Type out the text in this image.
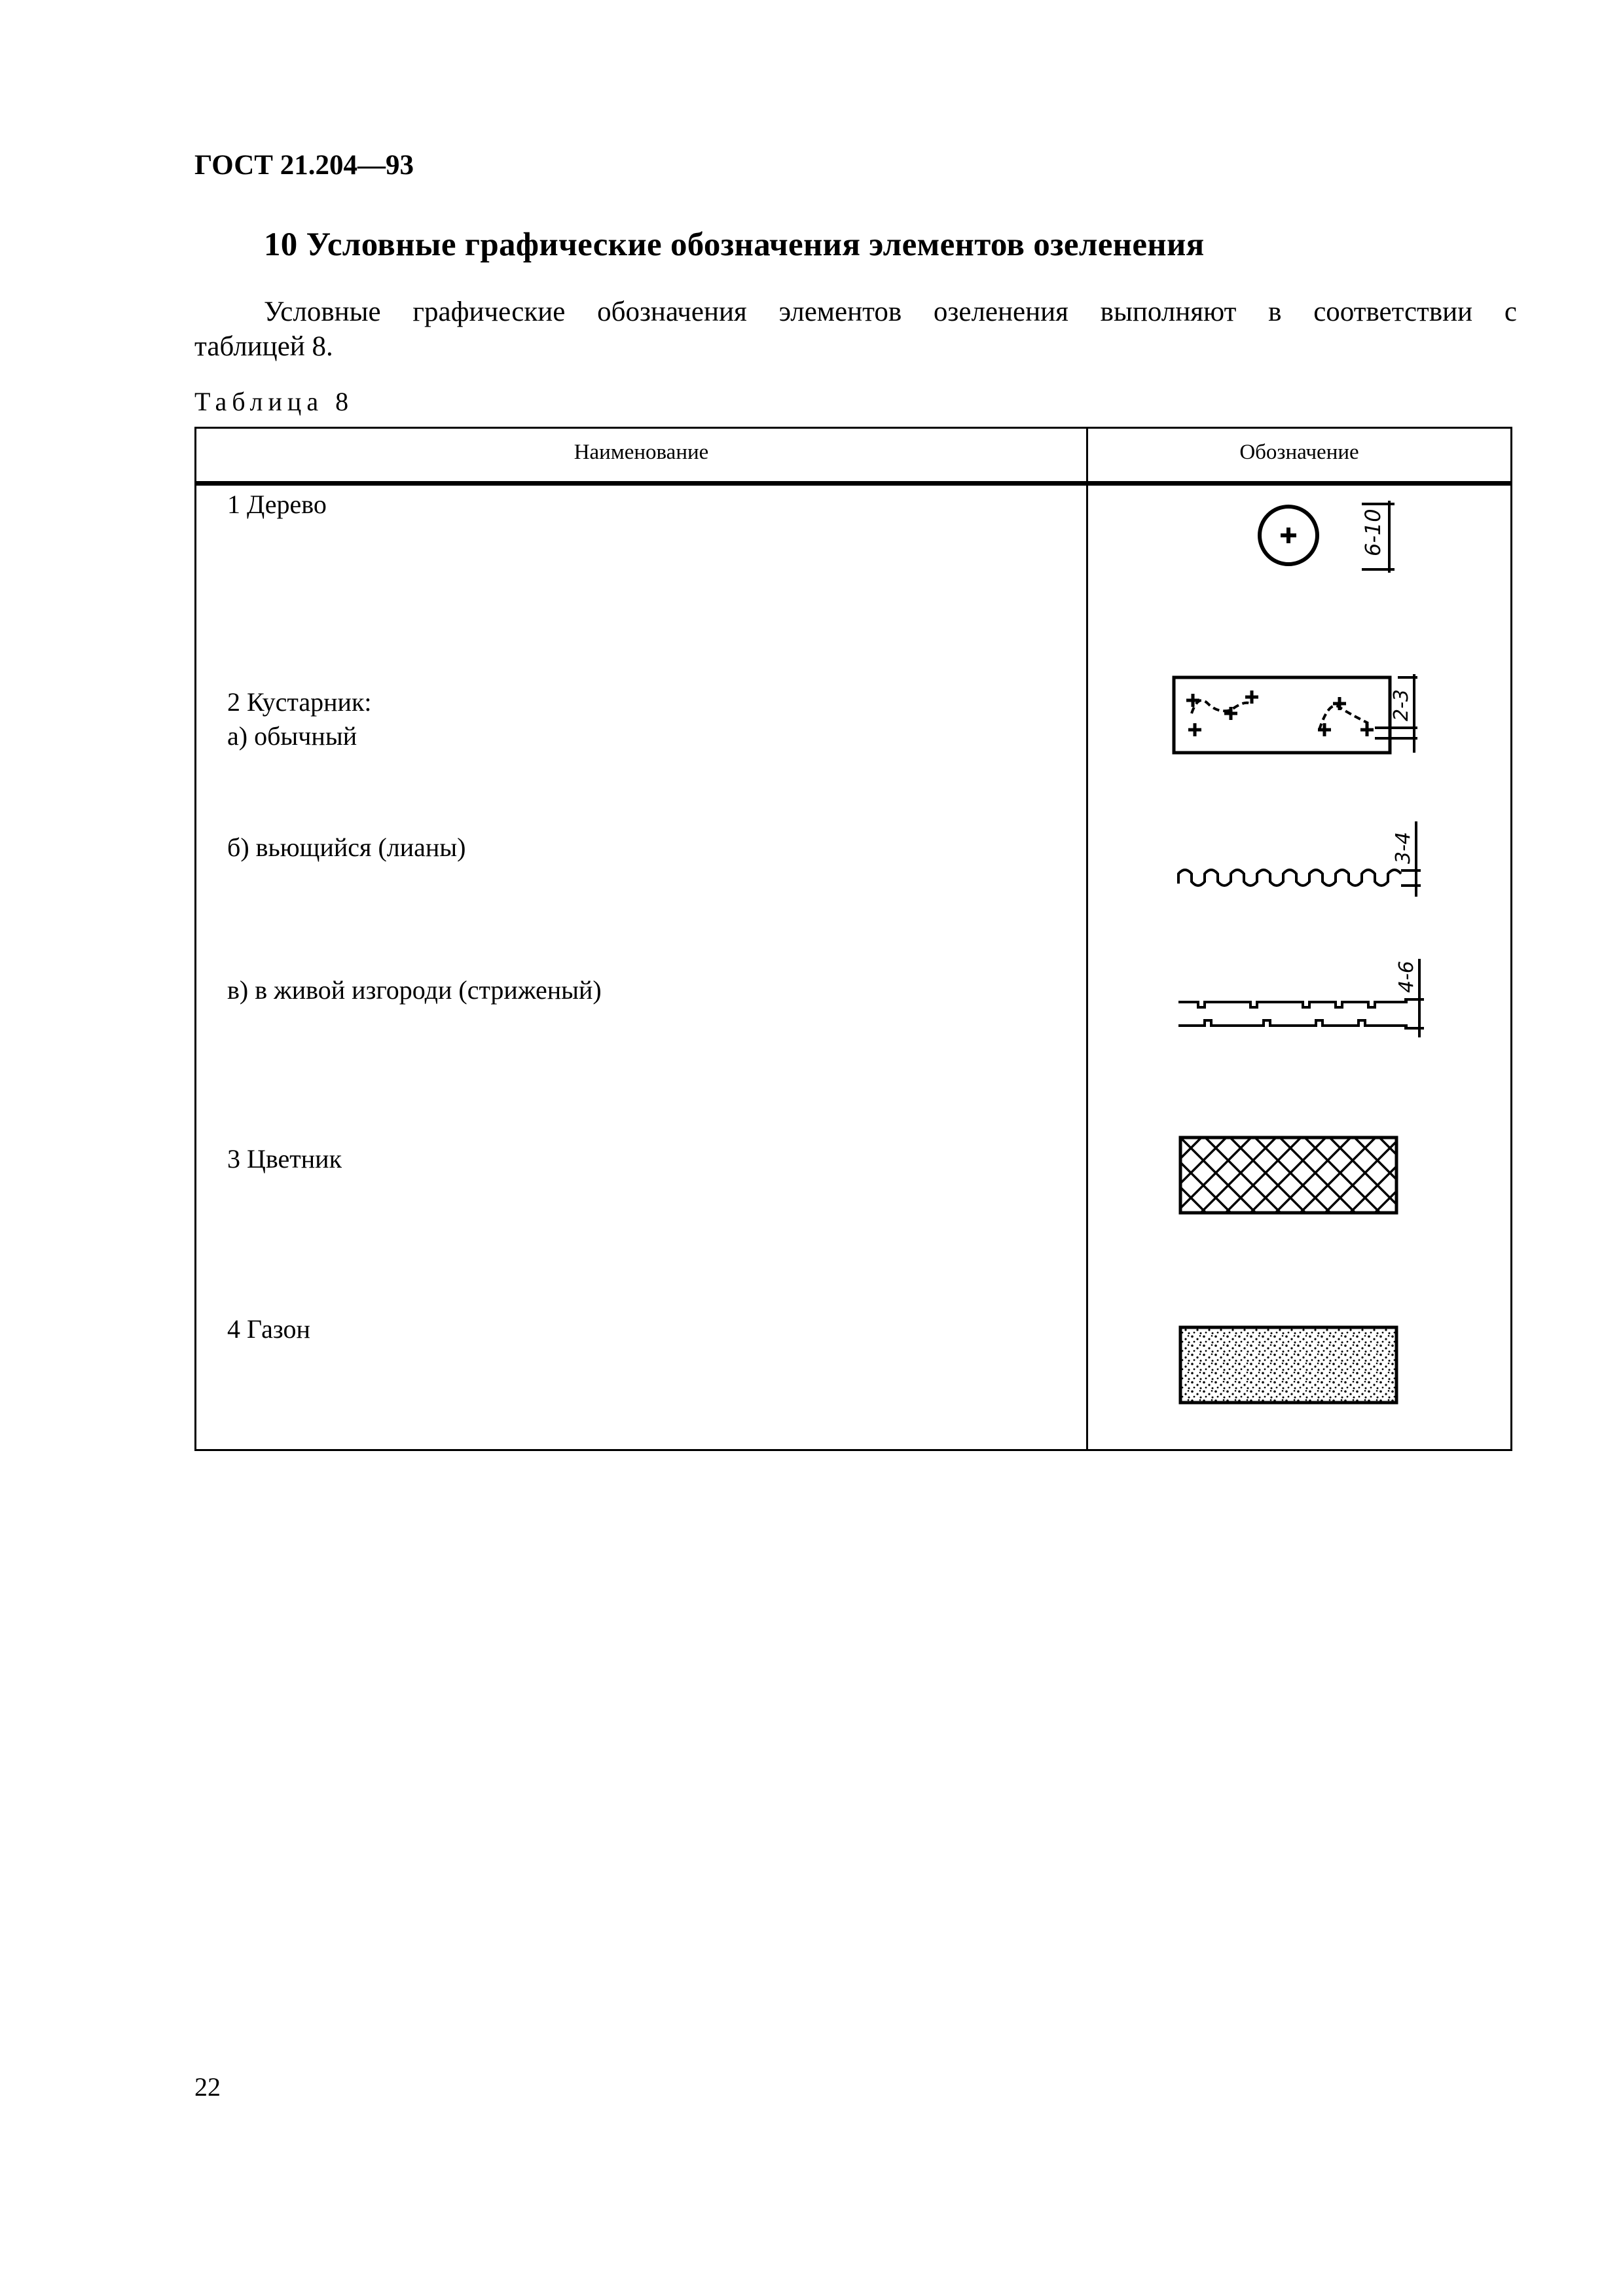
ГОСТ 21.204—93
10 Условные графические обозначения элементов озеленения
Условные графические обозначения элементов озеленения выполняют в соответствии с
таблицей 8.
Таблица 8
Наименование	Обозначение
1 Дерево
2 Кустарник:
а) обычный
б) вьющийся (лианы)
в) в живой изгороди (стриженый)
3 Цветник
4 Газон
6-10
2-3
3-4
4-6
22
